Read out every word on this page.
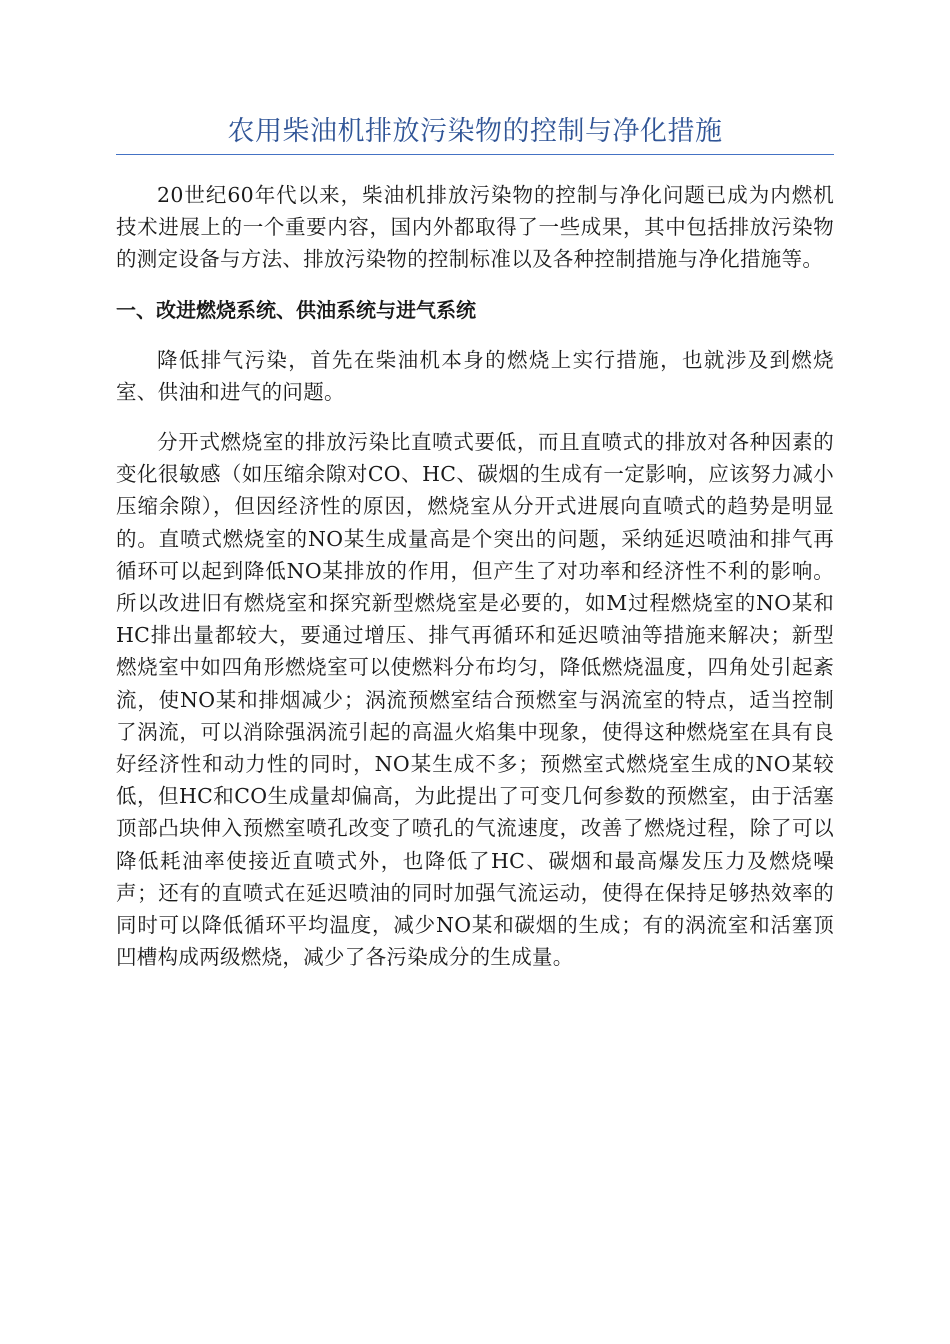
农用柴油机排放污染物的控制与净化措施

20世纪60年代以来，柴油机排放污染物的控制与净化问题已成为内燃机技术进展上的一个重要内容，国内外都取得了一些成果，其中包括排放污染物的测定设备与方法、排放污染物的控制标准以及各种控制措施与净化措施等。

一、改进燃烧系统、供油系统与进气系统

降低排气污染，首先在柴油机本身的燃烧上实行措施，也就涉及到燃烧室、供油和进气的问题。

分开式燃烧室的排放污染比直喷式要低，而且直喷式的排放对各种因素的变化很敏感（如压缩余隙对CO、HC、碳烟的生成有一定影响，应该努力减小压缩余隙），但因经济性的原因，燃烧室从分开式进展向直喷式的趋势是明显的。直喷式燃烧室的NO某生成量高是个突出的问题，采纳延迟喷油和排气再循环可以起到降低NO某排放的作用，但产生了对功率和经济性不利的影响。所以改进旧有燃烧室和探究新型燃烧室是必要的，如M过程燃烧室的NO某和HC排出量都较大，要通过增压、排气再循环和延迟喷油等措施来解决；新型燃烧室中如四角形燃烧室可以使燃料分布均匀，降低燃烧温度，四角处引起紊流，使NO某和排烟减少；涡流预燃室结合预燃室与涡流室的特点，适当控制了涡流，可以消除强涡流引起的高温火焰集中现象，使得这种燃烧室在具有良好经济性和动力性的同时，NO某生成不多；预燃室式燃烧室生成的NO某较低，但HC和CO生成量却偏高，为此提出了可变几何参数的预燃室，由于活塞顶部凸块伸入预燃室喷孔改变了喷孔的气流速度，改善了燃烧过程，除了可以降低耗油率使接近直喷式外，也降低了HC、碳烟和最高爆发压力及燃烧噪声；还有的直喷式在延迟喷油的同时加强气流运动，使得在保持足够热效率的同时可以降低循环平均温度，减少NO某和碳烟的生成；有的涡流室和活塞顶凹槽构成两级燃烧，减少了各污染成分的生成量。
